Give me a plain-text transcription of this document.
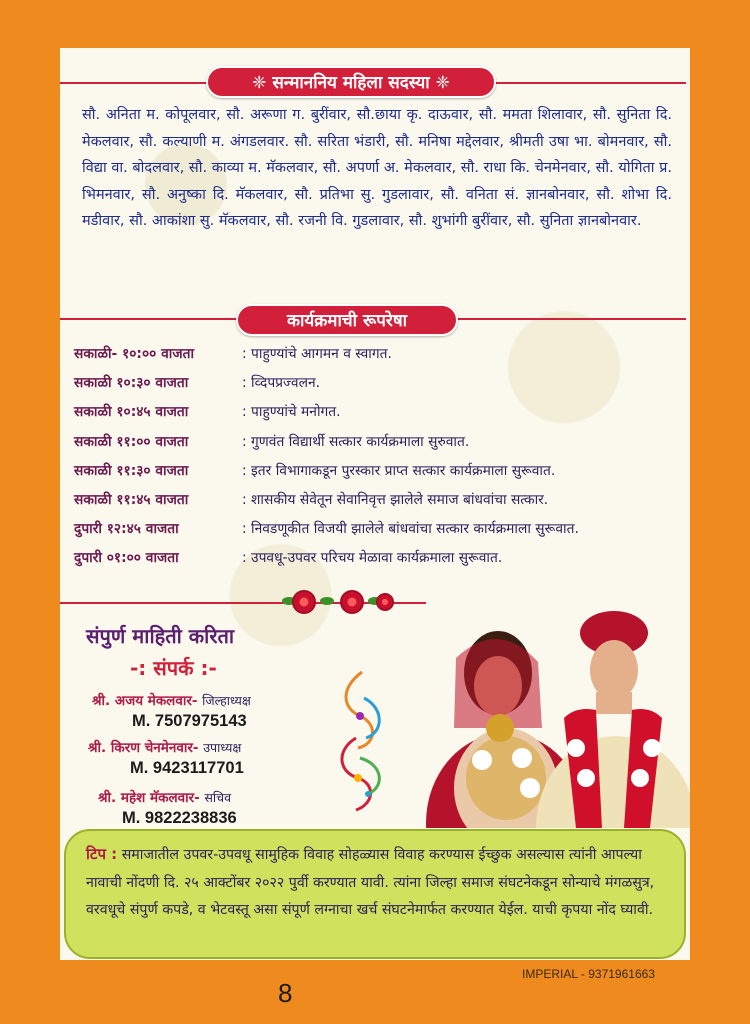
❈ सन्माननिय महिला सदस्या ❈
सौ. अनिता म. कोपूलवार, सौ. अरूणा ग. बुरींवार, सौ.छाया कृ. दाऊवार, सौ. ममता शिलावार, सौ. सुनिता दि. मेकलवार, सौ. कल्याणी म. अंगडलवार. सौ. सरिता भंडारी, सौ. मनिषा मद्देलवार, श्रीमती उषा भा. बोमनवार, सौ. विद्या वा. बोदलवार, सौ. काव्या म. मॅकलवार, सौ. अपर्णा अ. मेकलवार, सौ. राधा कि. चेनमेनवार, सौ. योगिता प्र. भिमनवार, सौ. अनुष्का दि. मॅकलवार, सौ. प्रतिभा सु. गुडलावार, सौ. वनिता सं. ज्ञानबोनवार, सौ. शोभा दि. मडीवार, सौ. आकांशा सु. मॅकलवार, सौ. रजनी वि. गुडलावार, सौ. शुभांगी बुरींवार, सौ. सुनिता ज्ञानबोनवार.
कार्यक्रमाची रूपरेषा
सकाळी- १०:०० वाजता	: पाहुण्यांचे आगमन व स्वागत.
सकाळी १०:३० वाजता	: व्दिपप्रज्वलन.
सकाळी १०:४५ वाजता	: पाहुण्यांचे मनोगत.
सकाळी ११:०० वाजता	: गुणवंत विद्यार्थी सत्कार कार्यक्रमाला सुरुवात.
सकाळी ११:३० वाजता	: इतर विभागाकडून पुरस्कार प्राप्त सत्कार कार्यक्रमाला सुरूवात.
सकाळी ११:४५ वाजता	: शासकीय सेवेतून सेवानिवृत्त झालेले समाज बांधवांचा सत्कार.
दुपारी १२:४५ वाजता	: निवडणूकीत विजयी झालेले बांधवांचा सत्कार कार्यक्रमाला सुरूवात.
दुपारी ०१:०० वाजता	: उपवधू-उपवर परिचय मेळावा कार्यक्रमाला सुरूवात.
संपुर्ण माहिती करिता
-: संपर्क :-
श्री. अजय मेकलवार- जिल्हाध्यक्ष
M. 7507975143
श्री. किरण चेनमेनवार- उपाध्यक्ष
M. 9423117701
श्री. महेश मॅकलवार- सचिव
M. 9822238836
टिप : समाजातील उपवर-उपवधू सामुहिक विवाह सोहळ्यास विवाह करण्यास ईच्छुक असल्यास त्यांनी आपल्या नावाची नोंदणी दि. २५ आक्टोंबर २०२२ पुर्वी करण्यात यावी. त्यांना जिल्हा समाज संघटनेकडून सोन्याचे मंगळसुत्र, वरवधूचे संपुर्ण कपडे, व भेटवस्तू असा संपूर्ण लग्नाचा खर्च संघटनेमार्फत करण्यात येईल. याची कृपया नोंद घ्यावी.
IMPERIAL - 9371961663
8
